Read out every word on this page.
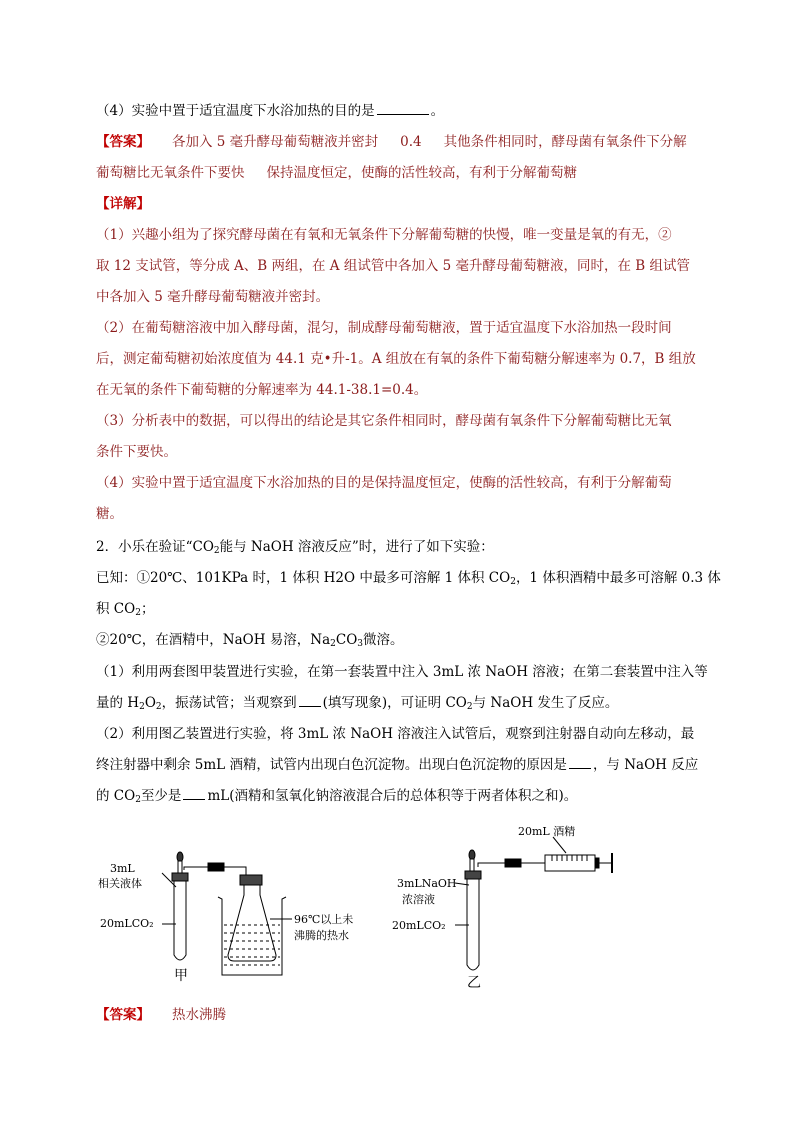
（4）实验中置于适宜温度下水浴加热的目的是	。
【答案】 各加入 5 毫升酵母葡萄糖液并密封 0.4 其他条件相同时，酵母菌有氧条件下分解
葡萄糖比无氧条件下要快 保持温度恒定，使酶的活性较高，有利于分解葡萄糖
【详解】
（1）兴趣小组为了探究酵母菌在有氧和无氧条件下分解葡萄糖的快慢，唯一变量是氧的有无，②
取 12 支试管，等分成 A、B 两组，在 A 组试管中各加入 5 毫升酵母葡萄糖液，同时，在 B 组试管
中各加入 5 毫升酵母葡萄糖液并密封。
（2）在葡萄糖溶液中加入酵母菌，混匀，制成酵母葡萄糖液，置于适宜温度下水浴加热一段时间
后，测定葡萄糖初始浓度值为 44.1 克•升-1。A 组放在有氧的条件下葡萄糖分解速率为 0.7，B 组放
在无氧的条件下葡萄糖的分解速率为 44.1-38.1=0.4。
（3）分析表中的数据，可以得出的结论是其它条件相同时，酵母菌有氧条件下分解葡萄糖比无氧
条件下要快。
（4）实验中置于适宜温度下水浴加热的目的是保持温度恒定，使酶的活性较高，有利于分解葡萄
糖。
2．小乐在验证“$CO_2$能与 NaOH 溶液反应”时，进行了如下实验：
已知：①20℃、101KPa 时，1 体积 H2O 中最多可溶解 1 体积 $CO_2$，1 体积酒精中最多可溶解 0.3 体
积 $CO_2$；
②20℃，在酒精中，NaOH 易溶，$Na_2CO_3$微溶。
（1）利用两套图甲装置进行实验，在第一套装置中注入 3mL 浓 NaOH 溶液；在第二套装置中注入等
量的 $H_2O_2$，振荡试管；当观察到 (填写现象)，可证明 $CO_2$与 NaOH 发生了反应。
（2）利用图乙装置进行实验，将 3mL 浓 NaOH 溶液注入试管后，观察到注射器自动向左移动，最
终注射器中剩余 5mL 酒精，试管内出现白色沉淀物。出现白色沉淀物的原因是 ，与 NaOH 反应
的 $CO_2$至少是 mL(酒精和氢氧化钠溶液混合后的总体积等于两者体积之和)。
3mL
相关液体
20mLCO₂	96℃以上未
沸腾的热水
甲
20mL 酒精
3mLNaOH
浓溶液
20mLCO₂
乙
【答案】 热水沸腾
